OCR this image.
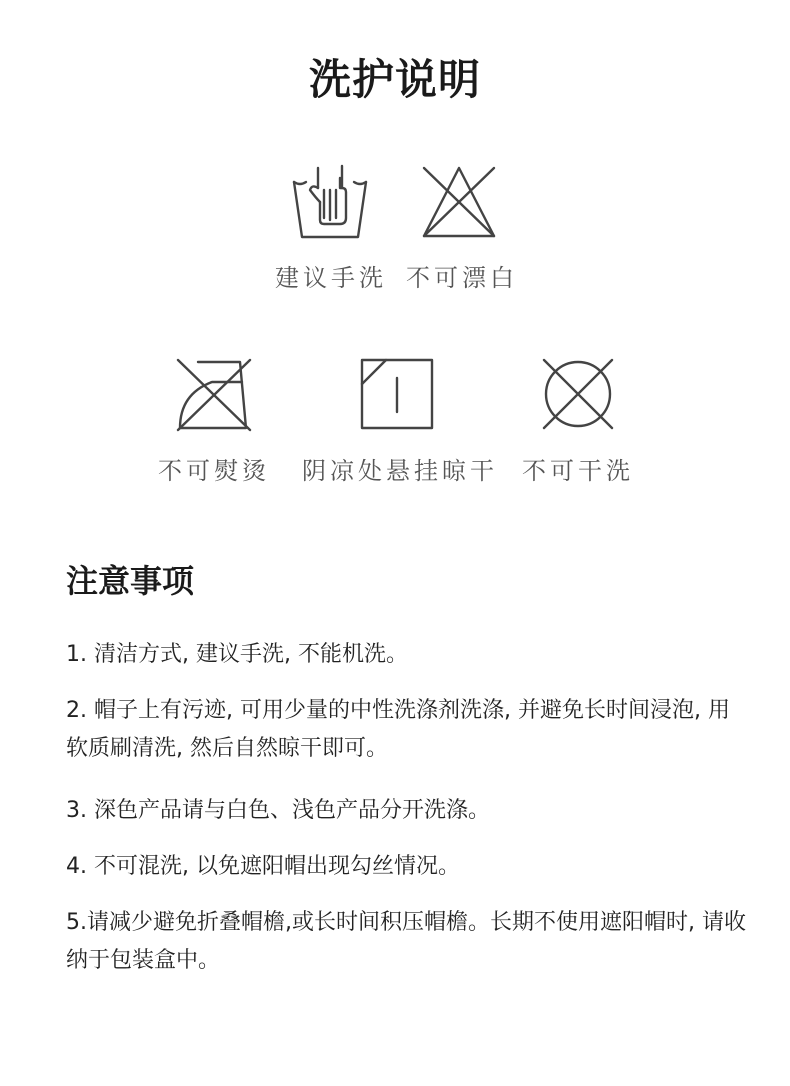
洗护说明
建议手洗 不可漂白
不可熨烫 阴凉处悬挂晾干 不可干洗
注意事项
1. 清洁方式, 建议手洗, 不能机洗。
2. 帽子上有污迹, 可用少量的中性洗涤剂洗涤, 并避免长时间浸泡, 用软质刷清洗, 然后自然晾干即可。
3. 深色产品请与白色、浅色产品分开洗涤。
4. 不可混洗, 以免遮阳帽出现勾丝情况。
5.请减少避免折叠帽檐,或长时间积压帽檐。长期不使用遮阳帽时, 请收纳于包装盒中。
